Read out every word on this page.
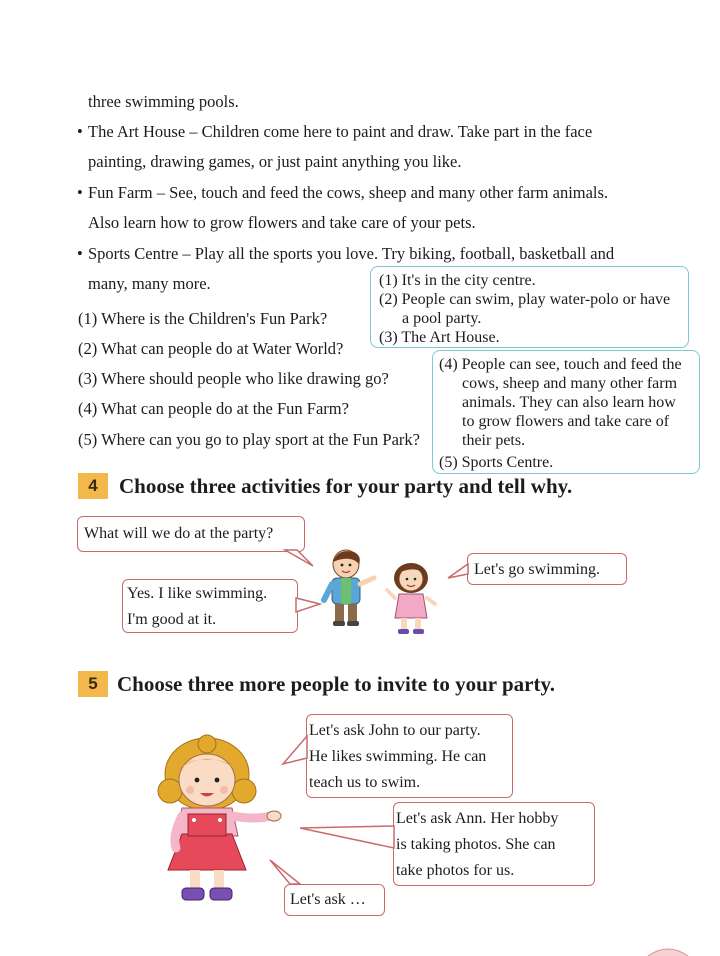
three swimming pools.
• The Art House – Children come here to paint and draw. Take part in the face
painting, drawing games, or just paint anything you like.
• Fun Farm – See, touch and feed the cows, sheep and many other farm animals.
Also learn how to grow flowers and take care of your pets.
• Sports Centre – Play all the sports you love. Try biking, football, basketball and
many, many more.
(1) Where is the Children's Fun Park?
(2) What can people do at Water World?
(3) Where should people who like drawing go?
(4) What can people do at the Fun Farm?
(5) Where can you go to play sport at the Fun Park?
(1) It's in the city centre.
(2) People can swim, play water-polo or have
a pool party.
(3) The Art House.
(4) People can see, touch and feed the
cows, sheep and many other farm
animals. They can also learn how
to grow flowers and take care of
their pets.
(5) Sports Centre.
4	Choose three activities for your party and tell why.
What will we do at the party?
Yes. I like swimming.
I'm good at it.
Let's go swimming.
5 Choose three more people to invite to your party.
Let's ask John to our party.
He likes swimming. He can
teach us to swim.
Let's ask Ann. Her hobby
is taking photos. She can
take photos for us.
Let's ask …
